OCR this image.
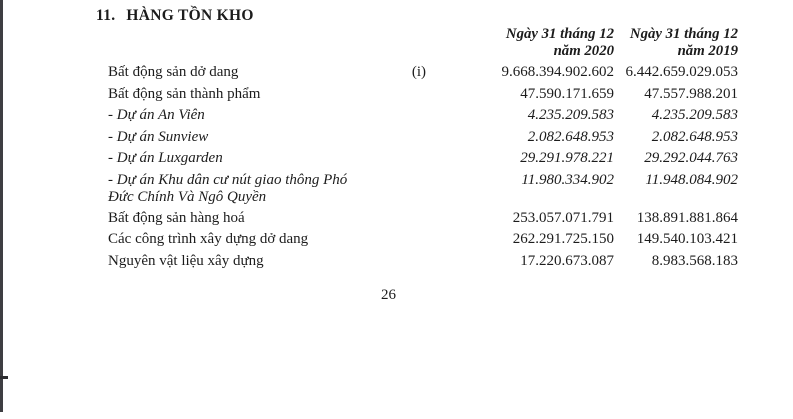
11. HÀNG TỒN KHO
Ngày 31 tháng 12
năm 2020
Ngày 31 tháng 12
năm 2019
Bất động sản dở dang	(i)	9.668.394.902.602 6.442.659.029.053
Bất động sản thành phẩm	47.590.171.659	47.557.988.201
- Dự án An Viên	4.235.209.583	4.235.209.583
- Dự án Sunview	2.082.648.953	2.082.648.953
- Dự án Luxgarden	29.291.978.221	29.292.044.763
- Dự án Khu dân cư nút giao thông Phó Đức Chính Và Ngô Quyền
11.980.334.902	11.948.084.902
Bất động sản hàng hoá	253.057.071.791	138.891.881.864
Các công trình xây dựng dở dang	262.291.725.150	149.540.103.421
Nguyên vật liệu xây dựng	17.220.673.087	8.983.568.183
26
